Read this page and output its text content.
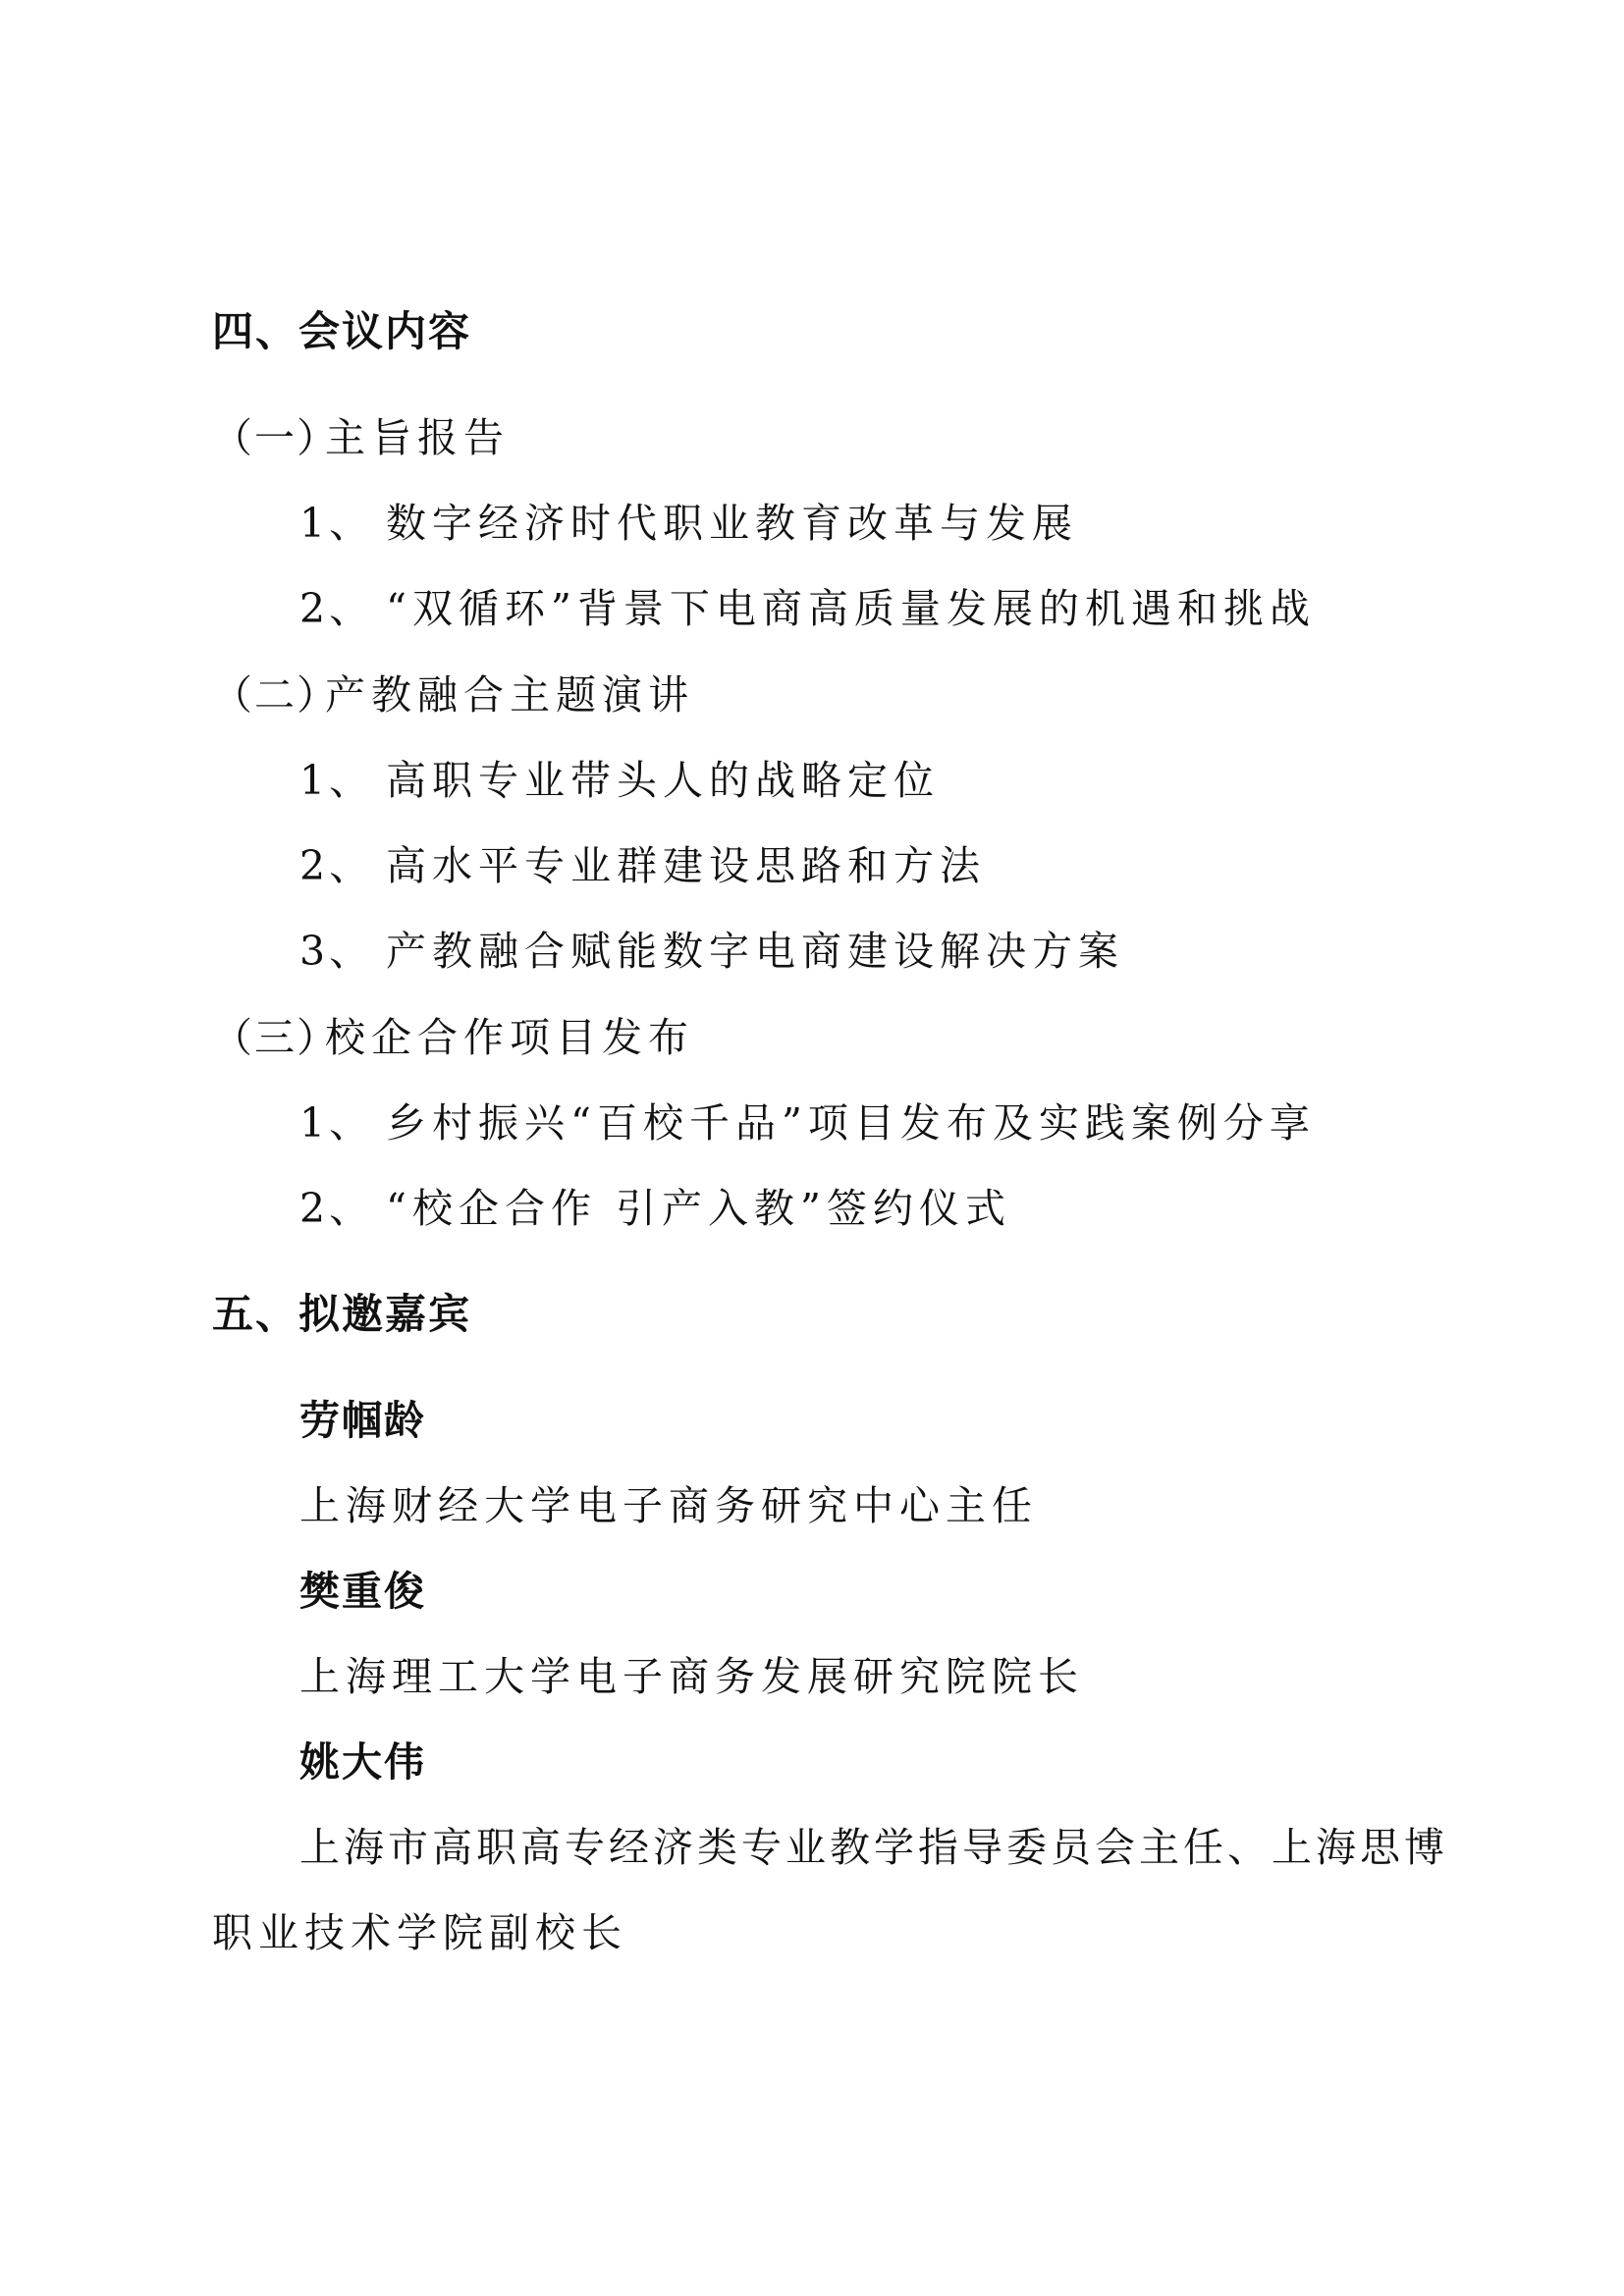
四、会议内容
（一）主旨报告
1、 数字经济时代职业教育改革与发展
2、 “双循环”背景下电商高质量发展的机遇和挑战
（二）产教融合主题演讲
1、 高职专业带头人的战略定位
2、 高水平专业群建设思路和方法
3、 产教融合赋能数字电商建设解决方案
（三）校企合作项目发布
1、 乡村振兴“百校千品”项目发布及实践案例分享
2、 “校企合作 引产入教”签约仪式
五、拟邀嘉宾
劳帼龄
上海财经大学电子商务研究中心主任
樊重俊
上海理工大学电子商务发展研究院院长
姚大伟
上海市高职高专经济类专业教学指导委员会主任、上海思博
职业技术学院副校长
